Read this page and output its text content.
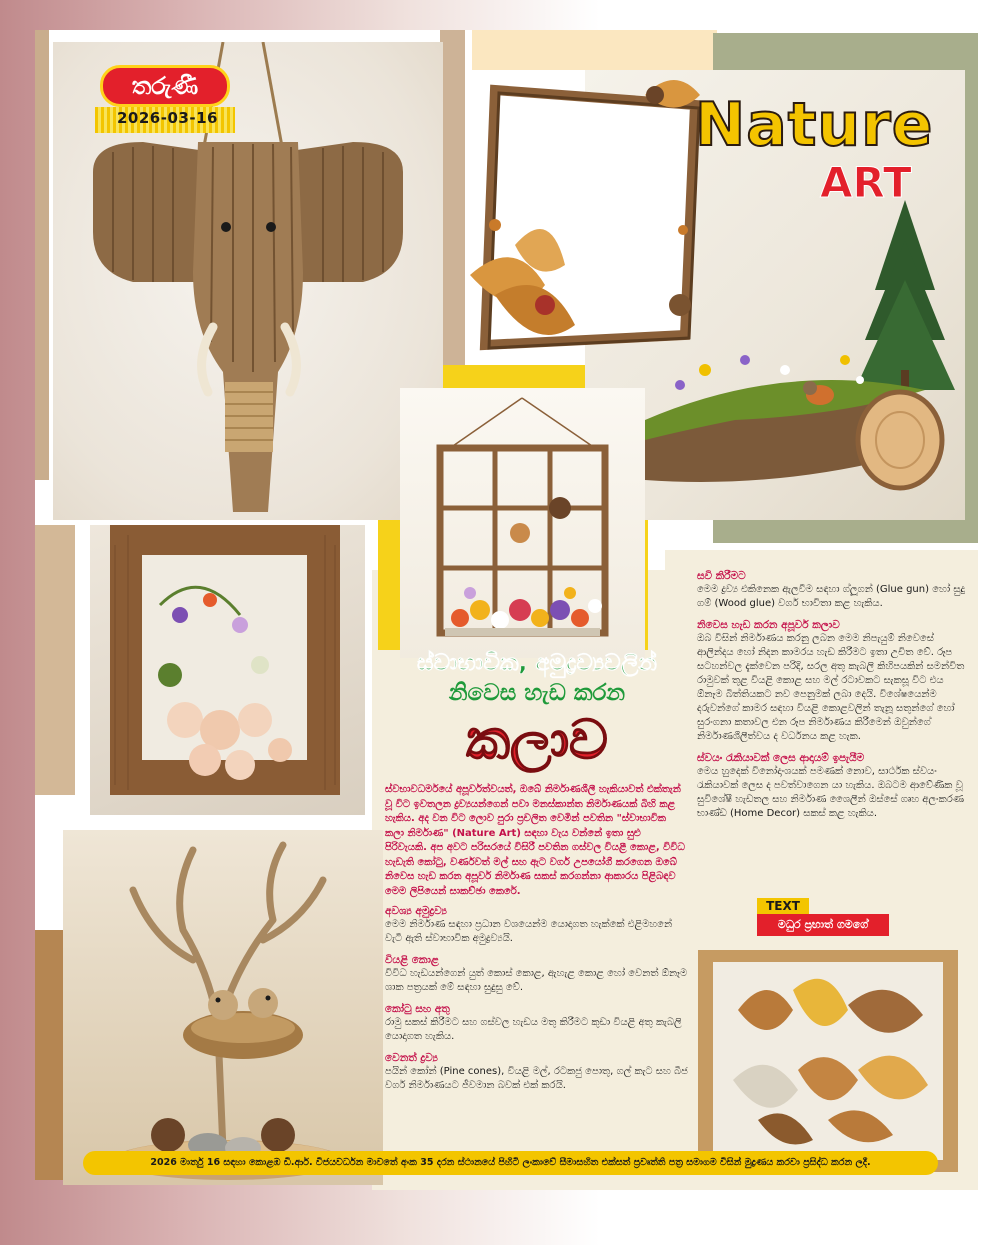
තරුණී
2026-03-16	Nature
ART
ස්වාභාවික, අමුද්‍රව්‍යවලින්
නිවෙස හැඩ කරන
කලාව
ස්වභාවධර්මයේ අපූර්වත්වයත්, ඔබේ නිර්මාණශීලී හැකියාවත් එක්තැන් වූ විට ඉවතලන ද්‍රව්‍යයන්ගෙන් පවා මනස්කාන්ත නිර්මාණයක් බිහි කළ හැකිය. අද වන විට ලොව පුරා ප්‍රචලිත වෙමින් පවතින "ස්වාභාවික කලා නිර්මාණ" (Nature Art) සඳහා වැය වන්නේ ඉතා සුළු පිරිවැයකි. අප අවට පරිසරයේ විසිරී පවතින ගස්වල වියළී කොළ, විවිධ හැඩැති කෝටු, වර්ණවත් මල් සහ ඇට වර්ග උපයෝගී කරගෙන ඔබේ නිවෙස හැඩ කරන අපූර්ව නිර්මාණ සකස් කරගන්නා ආකාරය පිළිබඳව මෙම ලිපියෙන් සාකච්ඡා කෙරේ.
අවශ්‍ය අමුද්‍රව්‍ය
මෙම නිර්මාණ සඳහා ප්‍රධාන වශයෙන්ම යොදාගත හැක්කේ එළිමහනේ වැටී ඇති ස්වාභාවික අමුද්‍රව්‍යයි.
වියළි කොළ
විවිධ හැඩයන්ගෙන් යුත් කොස් කොළ, ඇහැළ කොළ හෝ වෙනත් ඕනෑම ශාක පත්‍රයක් මේ සඳහා සුදුසු වේ.
කෝටු සහ අතු
රාමු සකස් කිරීමට සහ ගස්වල හැඩය මතු කිරීමට කුඩා වියළි අතු කැබලි යොදාගත හැකිය.
වෙනත් ද්‍රව්‍ය
පයින් කෝන් (Pine cones), වියළි මල්, රටකජු පොතු, ගල් කැට සහ බීජ වර්ග නිර්මාණයට ජීවමාන බවක් එක් කරයි.
සවි කිරීමට
මෙම ද්‍රව්‍ය එකිනෙක ඇලවීම සඳහා ග්ලූගන් (Glue gun) හෝ සුදු ගම් (Wood glue) වර්ග භාවිතා කළ හැකිය.
නිවෙස හැඩ කරන අපූර්ව කලාව
ඔබ විසින් නිර්මාණය කරනු ලබන මෙම නිපැයුම් නිවෙසේ ආලින්දය හෝ නිදන කාමරය හැඩ කිරීමට ඉතා උචිත වේ. රූප සටහන්වල දැක්වෙන පරිදි, සරල අතු කැබලි කිහිපයකින් සමන්විත රාමුවක් තුළ වියළි කොළ සහ මල් රටාවකට සැකසූ විට එය ඕනෑම බිත්තියකට නව පෙනුමක් ලබා දෙයි. විශේෂයෙන්ම දරුවන්ගේ කාමර සඳහා වියළි කොළවලින් තැනූ සතුන්ගේ හෝ සුරංගනා කතාවල එන රූප නිර්මාණය කිරීමෙන් ඔවුන්ගේ නිර්මාණශීලීත්වය ද වර්ධනය කළ හැක.
ස්වයං රැකියාවක් ලෙස ආදායම් ඉපැයීම
මෙය හුදෙක් විනෝදාංශයක් පමණක් නොව, සාර්ථක ස්වයං රැකියාවක් ලෙස ද පවත්වාගෙන යා හැකිය. ඔබටම ආවේණික වූ සුවිශේෂී හැඩතල සහ නිර්මාණ ශෛලීන් ඔස්සේ ගෘහ අලංකරණ භාණ්ඩ (Home Decor) සකස් කළ හැකිය.
TEXT
මධුර ප්‍රභාත් ගමගේ
2026 මාර්තු 16 සඳහා කොළඹ ඩී.ආර්. විජයවර්ධන මාවතේ අංක 35 දරන ස්ථානයේ පිහිටි ලංකාවේ සීමාසහිත එක්සත් ප්‍රවෘත්ති පත්‍ර සමාගම විසින් මුද්‍රණය කරවා ප්‍රසිද්ධ කරන ලදී.
